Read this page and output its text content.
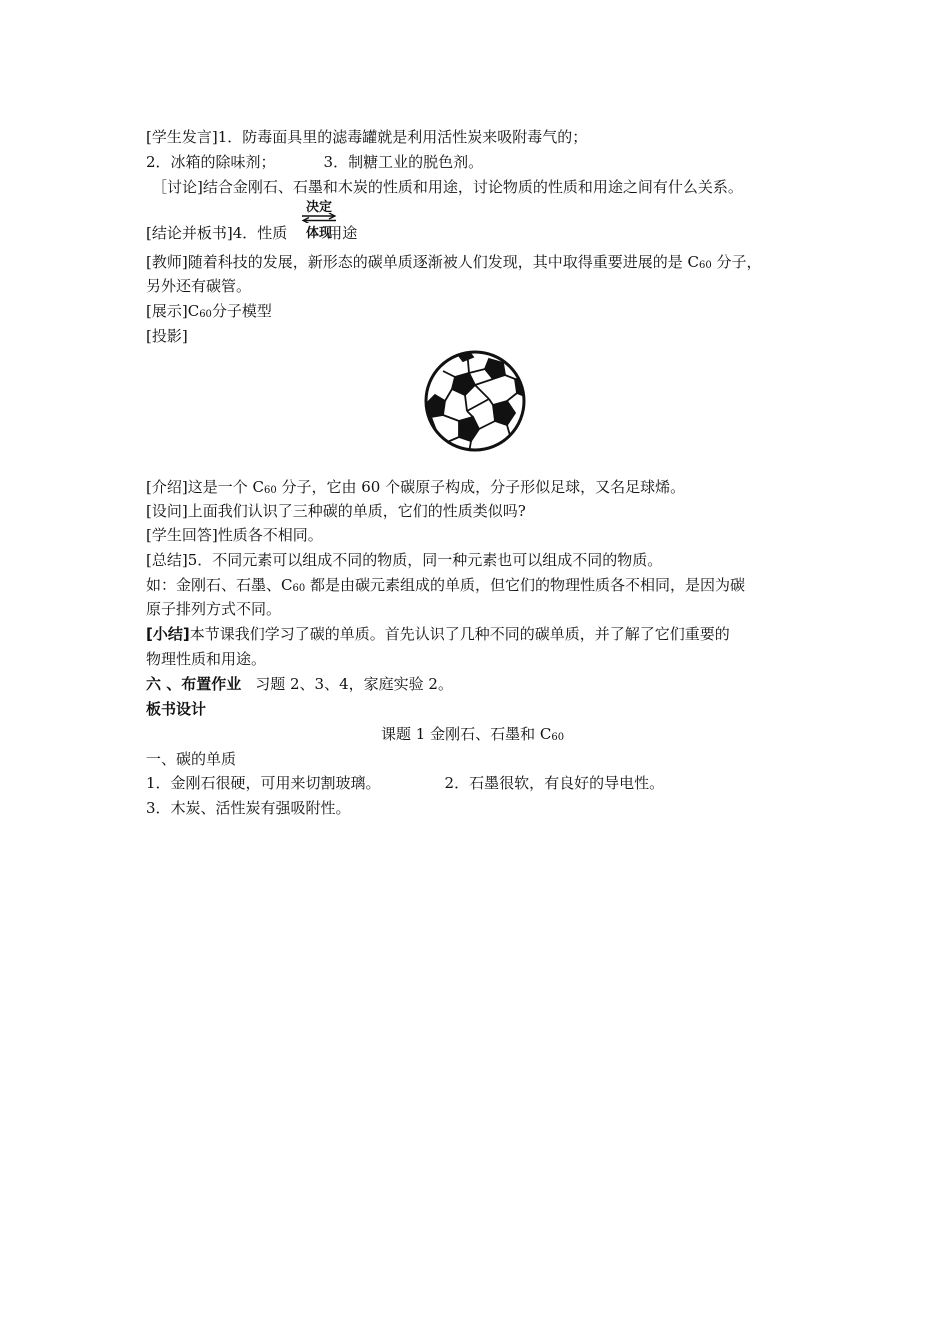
[学生发言]1．防毒面具里的滤毒罐就是利用活性炭来吸附毒气的；
2．冰箱的除味剂；	3．制糖工业的脱色剂。
［讨论]结合金刚石、石墨和木炭的性质和用途，讨论物质的性质和用途之间有什么关系。
[结论并板书]4．性质	用途
决定
体现
[教师]随着科技的发展，新形态的碳单质逐渐被人们发现，其中取得重要进展的是 C60 分子，
另外还有碳管。
[展示]C60分子模型
[投影]
[介绍]这是一个 C60 分子，它由 60 个碳原子构成，分子形似足球，又名足球烯。
[设问]上面我们认识了三种碳的单质，它们的性质类似吗?
[学生回答]性质各不相同。
[总结]5．不同元素可以组成不同的物质，同一种元素也可以组成不同的物质。
如：金刚石、石墨、C60 都是由碳元素组成的单质，但它们的物理性质各不相同，是因为碳
原子排列方式不同。
[小结]本节课我们学习了碳的单质。首先认识了几种不同的碳单质，并了解了它们重要的
物理性质和用途。
六 、布置作业 习题 2、3、4，家庭实验 2。
板书设计
课题 1 金刚石、石墨和 C60
一、碳的单质
1．金刚石很硬，可用来切割玻璃。	2．石墨很软，有良好的导电性。
3．木炭、活性炭有强吸附性。
